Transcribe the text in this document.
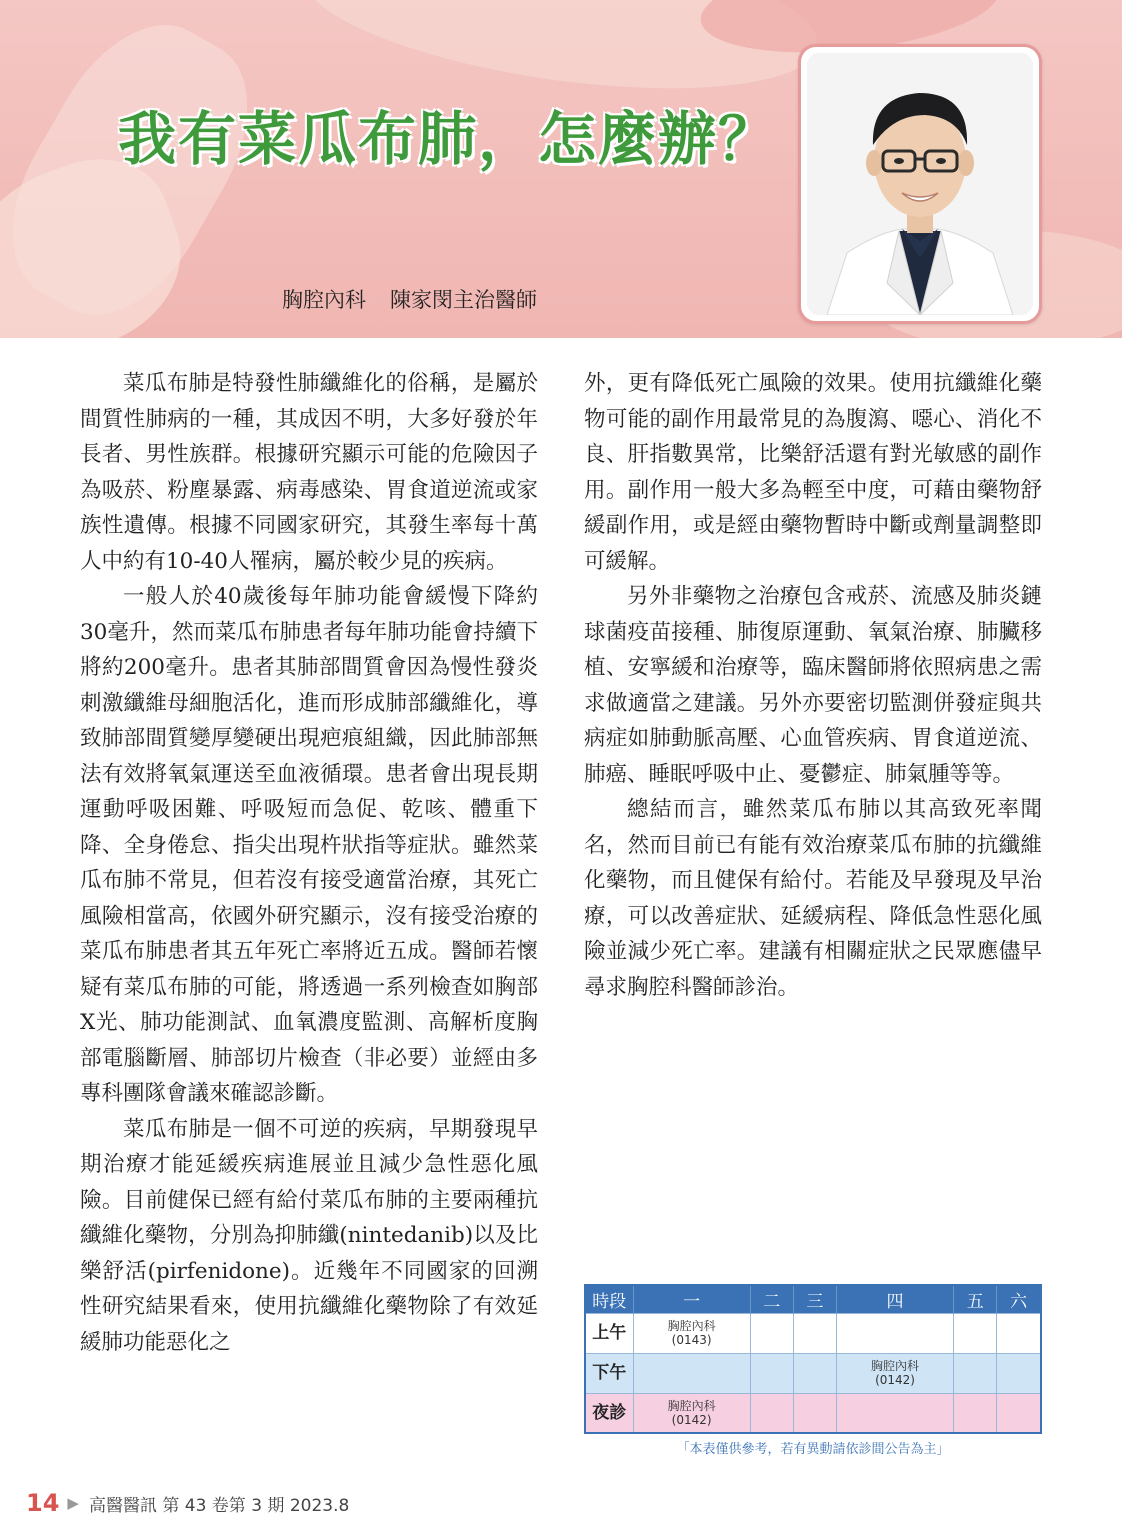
我有菜瓜布肺，怎麼辦？
胸腔內科 陳家閔主治醫師

菜瓜布肺是特發性肺纖維化的俗稱，是屬於間質性肺病的一種，其成因不明，大多好發於年長者、男性族群。根據研究顯示可能的危險因子為吸菸、粉塵暴露、病毒感染、胃食道逆流或家族性遺傳。根據不同國家研究，其發生率每十萬人中約有10-40人罹病，屬於較少見的疾病。

一般人於40歲後每年肺功能會緩慢下降約30毫升，然而菜瓜布肺患者每年肺功能會持續下將約200毫升。患者其肺部間質會因為慢性發炎刺激纖維母細胞活化，進而形成肺部纖維化，導致肺部間質變厚變硬出現疤痕組織，因此肺部無法有效將氧氣運送至血液循環。患者會出現長期運動呼吸困難、呼吸短而急促、乾咳、體重下降、全身倦怠、指尖出現杵狀指等症狀。雖然菜瓜布肺不常見，但若沒有接受適當治療，其死亡風險相當高，依國外研究顯示，沒有接受治療的菜瓜布肺患者其五年死亡率將近五成。醫師若懷疑有菜瓜布肺的可能，將透過一系列檢查如胸部X光、肺功能測試、血氧濃度監測、高解析度胸部電腦斷層、肺部切片檢查（非必要）並經由多專科團隊會議來確認診斷。

菜瓜布肺是一個不可逆的疾病，早期發現早期治療才能延緩疾病進展並且減少急性惡化風險。目前健保已經有給付菜瓜布肺的主要兩種抗纖維化藥物，分別為抑肺纖(nintedanib)以及比樂舒活(pirfenidone)。近幾年不同國家的回溯性研究結果看來，使用抗纖維化藥物除了有效延緩肺功能惡化之

外，更有降低死亡風險的效果。使用抗纖維化藥物可能的副作用最常見的為腹瀉、噁心、消化不良、肝指數異常，比樂舒活還有對光敏感的副作用。副作用一般大多為輕至中度，可藉由藥物舒緩副作用，或是經由藥物暫時中斷或劑量調整即可緩解。

另外非藥物之治療包含戒菸、流感及肺炎鏈球菌疫苗接種、肺復原運動、氧氣治療、肺臟移植、安寧緩和治療等，臨床醫師將依照病患之需求做適當之建議。另外亦要密切監測併發症與共病症如肺動脈高壓、心血管疾病、胃食道逆流、肺癌、睡眠呼吸中止、憂鬱症、肺氣腫等等。

總結而言，雖然菜瓜布肺以其高致死率聞名，然而目前已有能有效治療菜瓜布肺的抗纖維化藥物，而且健保有給付。若能及早發現及早治療，可以改善症狀、延緩病程、降低急性惡化風險並減少死亡率。建議有相關症狀之民眾應儘早尋求胸腔科醫師診治。

時段	一	二	三	四	五	六
上午	胸腔內科
(0143)					

下午				胸腔內科
(0142)		

夜診	胸腔內科
(0142)					

「本表僅供參考，若有異動請依診間公告為主」
14 ▶ 高醫醫訊 第 43 卷第 3 期 2023.8
